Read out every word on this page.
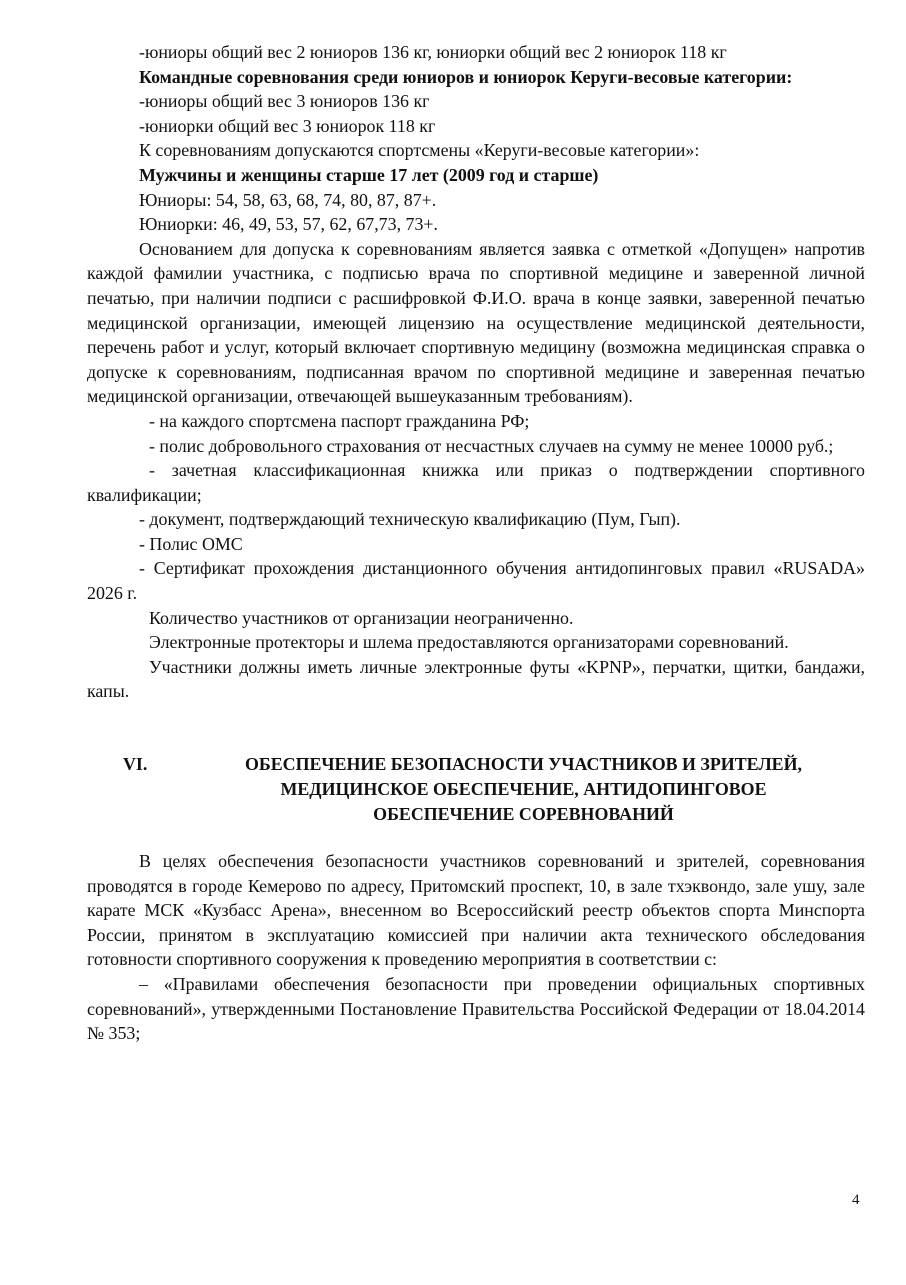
-юниоры общий вес 2 юниоров 136 кг, юниорки общий вес 2 юниорок 118 кг

Командные соревнования среди юниоров и юниорок Керуги-весовые категории:

-юниоры общий вес 3 юниоров 136 кг

-юниорки общий вес 3 юниорок 118 кг

К соревнованиям допускаются спортсмены «Керуги-весовые категории»:

Мужчины и женщины старше 17 лет (2009 год и старше)

Юниоры: 54, 58, 63, 68, 74, 80, 87, 87+.

Юниорки: 46, 49, 53, 57, 62, 67,73, 73+.

Основанием для допуска к соревнованиям является заявка с отметкой «Допущен» напротив каждой фамилии участника, с подписью врача по спортивной медицине и заверенной личной печатью, при наличии подписи с расшифровкой Ф.И.О. врача в конце заявки, заверенной печатью медицинской организации, имеющей лицензию на осуществление медицинской деятельности, перечень работ и услуг, который включает спортивную медицину (возможна медицинская справка о допуске к соревнованиям, подписанная врачом по спортивной медицине и заверенная печатью медицинской организации, отвечающей вышеуказанным требованиям).

- на каждого спортсмена паспорт гражданина РФ;

- полис добровольного страхования от несчастных случаев на сумму не менее 10000 руб.;

- зачетная классификационная книжка или приказ о подтверждении спортивного квалификации;

- документ, подтверждающий техническую квалификацию (Пум, Гып).

- Полис ОМС

- Сертификат прохождения дистанционного обучения антидопинговых правил «RUSADA» 2026 г.

Количество участников от организации неограниченно.

Электронные протекторы и шлема предоставляются организаторами соревнований.

Участники должны иметь личные электронные футы «KPNP», перчатки, щитки, бандажи, капы.

VI.	ОБЕСПЕЧЕНИЕ БЕЗОПАСНОСТИ УЧАСТНИКОВ И ЗРИТЕЛЕЙ,
МЕДИЦИНСКОЕ ОБЕСПЕЧЕНИЕ, АНТИДОПИНГОВОЕ
ОБЕСПЕЧЕНИЕ СОРЕВНОВАНИЙ

В целях обеспечения безопасности участников соревнований и зрителей, соревнования проводятся в городе Кемерово по адресу, Притомский проспект, 10, в зале тхэквондо, зале ушу, зале карате МСК «Кузбасс Арена», внесенном во Всероссийский реестр объектов спорта Минспорта России, принятом в эксплуатацию комиссией при наличии акта технического обследования готовности спортивного сооружения к проведению мероприятия в соответствии с:

– «Правилами обеспечения безопасности при проведении официальных спортивных соревнований», утвержденными Постановление Правительства Российской Федерации от 18.04.2014 № 353;

4
